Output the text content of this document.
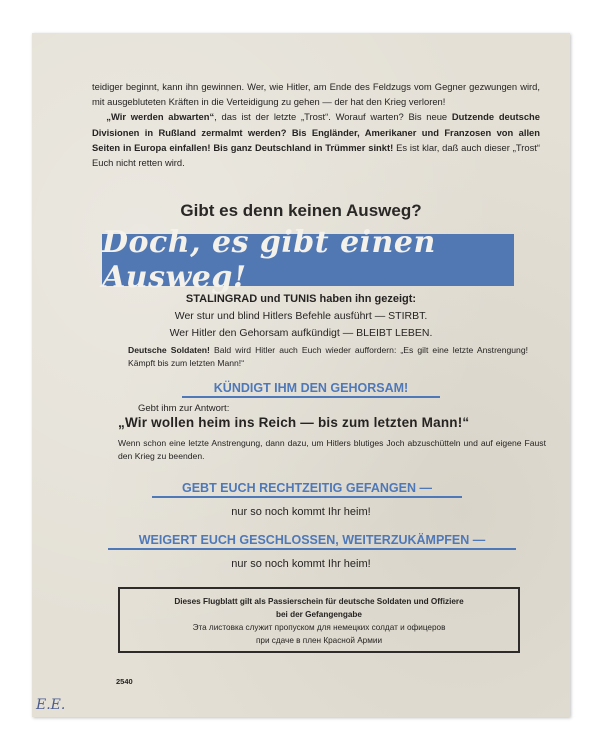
teidiger beginnt, kann ihn gewinnen. Wer, wie Hitler, am Ende des Feldzugs vom Gegner gezwungen wird, mit ausgebluteten Kräften in die Verteidigung zu gehen — der hat den Krieg verloren!
„Wir werden abwarten“, das ist der letzte „Trost“. Worauf warten? Bis neue Dutzende deutsche Divisionen in Rußland zermalmt werden? Bis Engländer, Amerikaner und Franzosen von allen Seiten in Europa einfallen! Bis ganz Deutschland in Trümmer sinkt! Es ist klar, daß auch dieser „Trost“ Euch nicht retten wird.

Gibt es denn keinen Ausweg?
Doch, es gibt einen Ausweg!
STALINGRAD und TUNIS haben ihn gezeigt:
Wer stur und blind Hitlers Befehle ausführt — STIRBT.
Wer Hitler den Gehorsam aufkündigt — BLEIBT LEBEN.

Deutsche Soldaten! Bald wird Hitler auch Euch wieder auffordern: „Es gilt eine letzte Anstrengung! Kämpft bis zum letzten Mann!“

KÜNDIGT IHM DEN GEHORSAM!
Gebt ihm zur Antwort:
„Wir wollen heim ins Reich — bis zum letzten Mann!“

Wenn schon eine letzte Anstrengung, dann dazu, um Hitlers blutiges Joch abzuschütteln und auf eigene Faust den Krieg zu beenden.

GEBT EUCH RECHTZEITIG GEFANGEN —
nur so noch kommt Ihr heim!
WEIGERT EUCH GESCHLOSSEN, WEITERZUKÄMPFEN —
nur so noch kommt Ihr heim!
Dieses Flugblatt gilt als Passierschein für deutsche Soldaten und Offiziere
bei der Gefangengabe
Эта листовка служит пропуском для немецких солдат и офицеров
при сдаче в плен Красной Армии
2540
E.E.
